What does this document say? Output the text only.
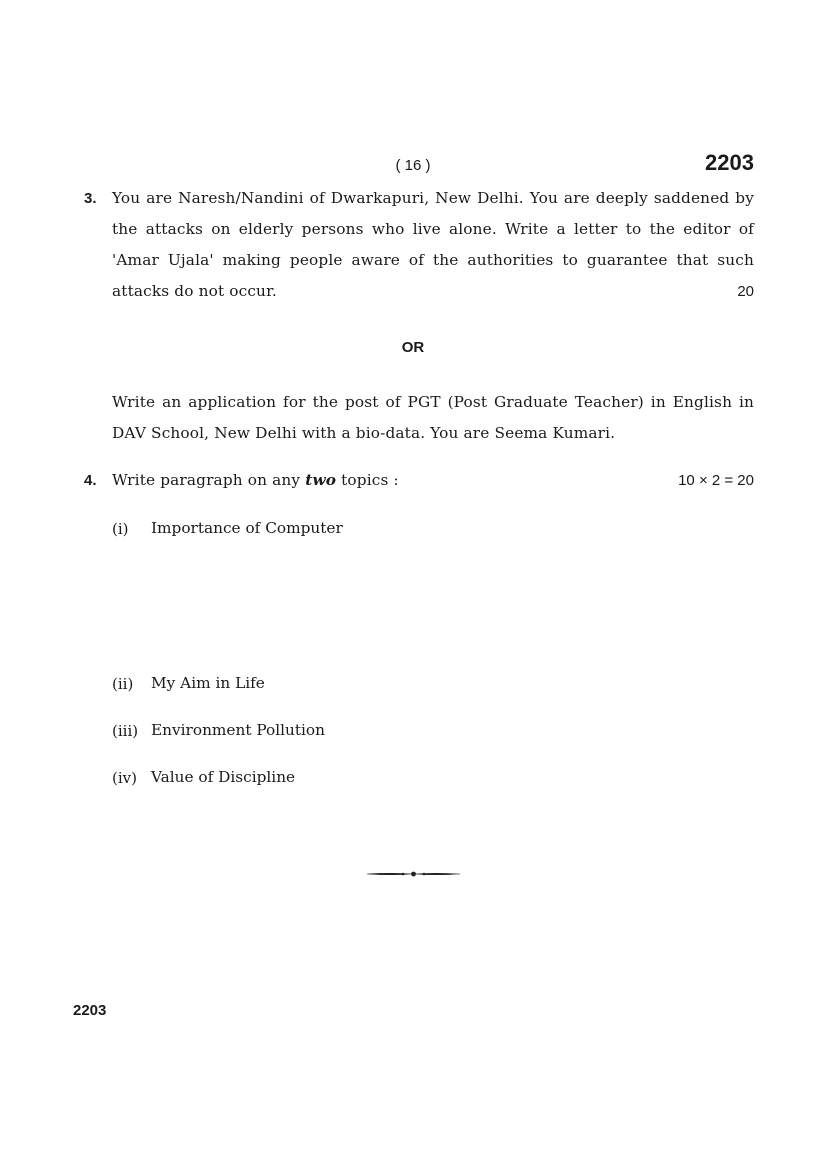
( 16 )	2203
3. You are Naresh/Nandini of Dwarkapuri, New Delhi. You are deeply saddened by the attacks on elderly persons who live alone. Write a letter to the editor of 'Amar Ujala' making people aware of the authorities to guarantee that such attacks do not occur.	20
OR
Write an application for the post of PGT (Post Graduate Teacher) in English in DAV School, New Delhi with a bio-data. You are Seema Kumari.
4. Write paragraph on any two topics :	10 × 2 = 20
(i) Importance of Computer
(ii) My Aim in Life
(iii) Environment Pollution
(iv) Value of Discipline
2203
